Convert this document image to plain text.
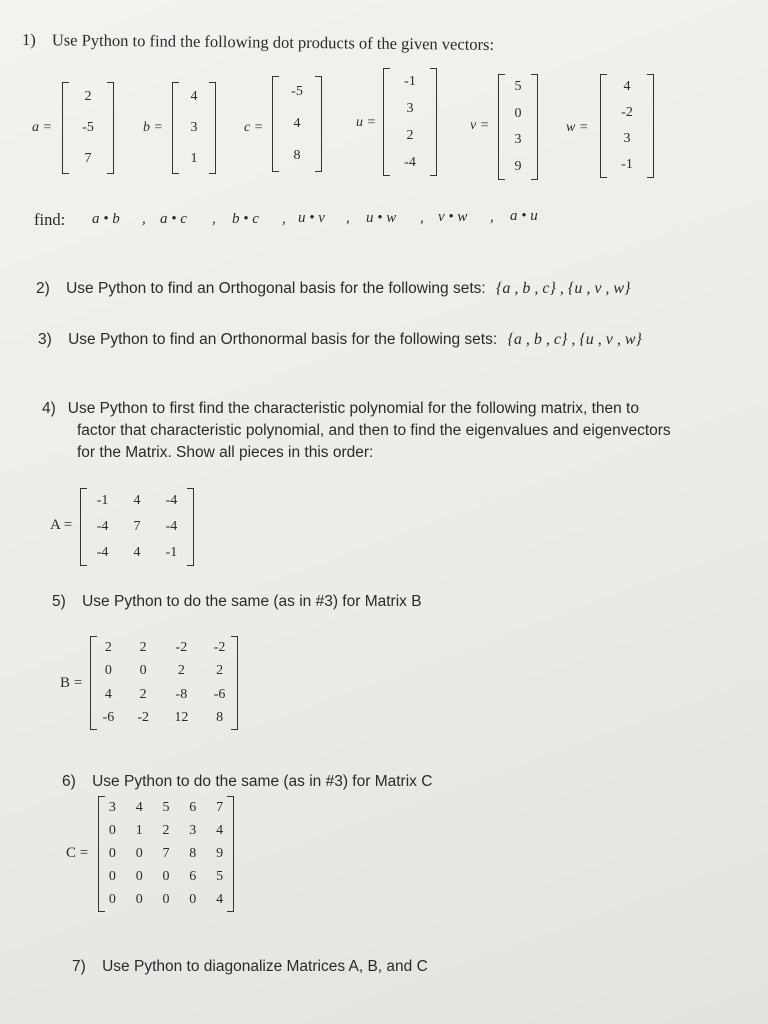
1) Use Python to find the following dot products of the given vectors:
a =
2
-5
7
b =
4
3
1
c =
-5
4
8
u =
-1
3
2
-4
v =
5
0
3
9
w =
4
-2
3
-1
find: a • b , a • c , b • c , u • v , u • w , v • w , a • u
2) Use Python to find an Orthogonal basis for the following sets: {a , b , c} , {u , v , w}
3) Use Python to find an Orthonormal basis for the following sets: {a , b , c} , {u , v , w}
4) Use Python to first find the characteristic polynomial for the following matrix, then to
factor that characteristic polynomial, and then to find the eigenvalues and eigenvectors
for the Matrix. Show all pieces in this order:
A =
-1	4	-4
-4	7	-4
-4	4	-1
5) Use Python to do the same (as in #3) for Matrix B
B =
2	2	-2	-2
0	0	2	2
4	2	-8	-6
-6	-2	12	8
6) Use Python to do the same (as in #3) for Matrix C
C =
3	4	5	6	7
0	1	2	3	4
0	0	7	8	9
0	0	0	6	5
0	0	0	0	4
7) Use Python to diagonalize Matrices A, B, and C
